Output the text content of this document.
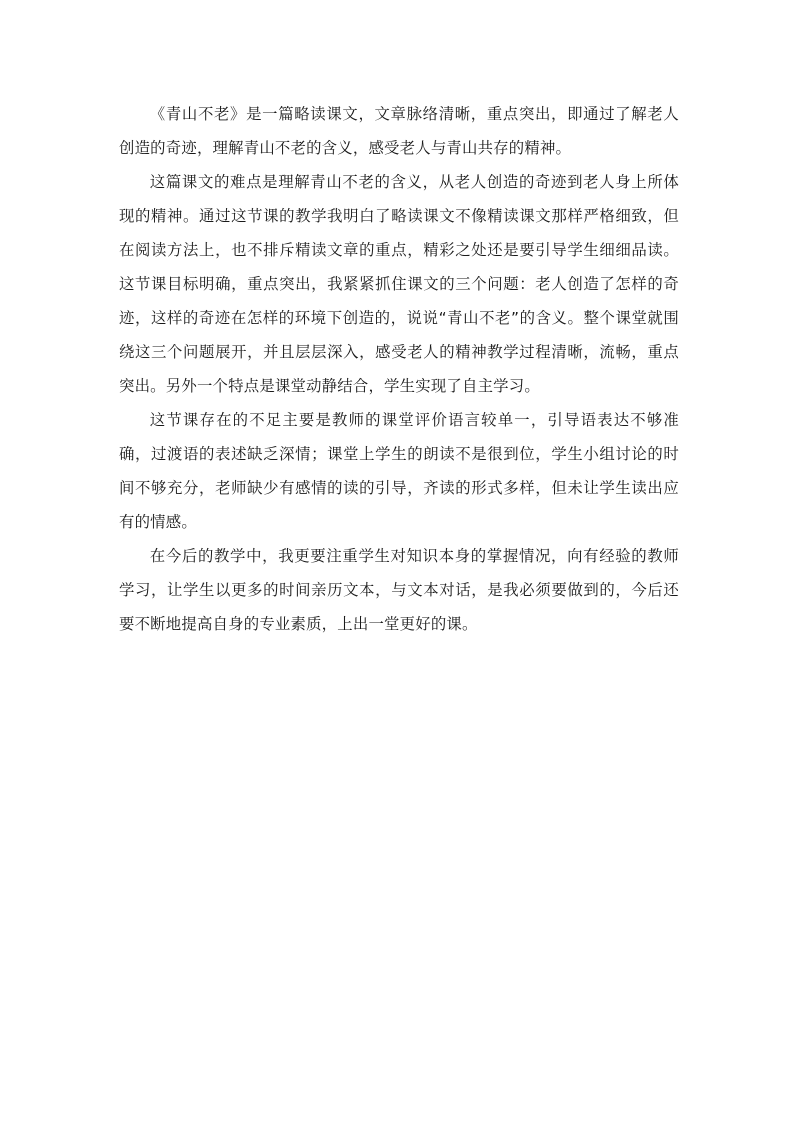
《青山不老》是一篇略读课文，文章脉络清晰，重点突出，即通过了解老人创造的奇迹，理解青山不老的含义，感受老人与青山共存的精神。

这篇课文的难点是理解青山不老的含义，从老人创造的奇迹到老人身上所体现的精神。通过这节课的教学我明白了略读课文不像精读课文那样严格细致，但在阅读方法上，也不排斥精读文章的重点，精彩之处还是要引导学生细细品读。这节课目标明确，重点突出，我紧紧抓住课文的三个问题：老人创造了怎样的奇迹，这样的奇迹在怎样的环境下创造的，说说“青山不老”的含义。整个课堂就围绕这三个问题展开，并且层层深入，感受老人的精神教学过程清晰，流畅，重点突出。另外一个特点是课堂动静结合，学生实现了自主学习。

这节课存在的不足主要是教师的课堂评价语言较单一，引导语表达不够准确，过渡语的表述缺乏深情；课堂上学生的朗读不是很到位，学生小组讨论的时间不够充分，老师缺少有感情的读的引导，齐读的形式多样，但未让学生读出应有的情感。

在今后的教学中，我更要注重学生对知识本身的掌握情况，向有经验的教师学习，让学生以更多的时间亲历文本，与文本对话，是我必须要做到的，今后还要不断地提高自身的专业素质，上出一堂更好的课。
